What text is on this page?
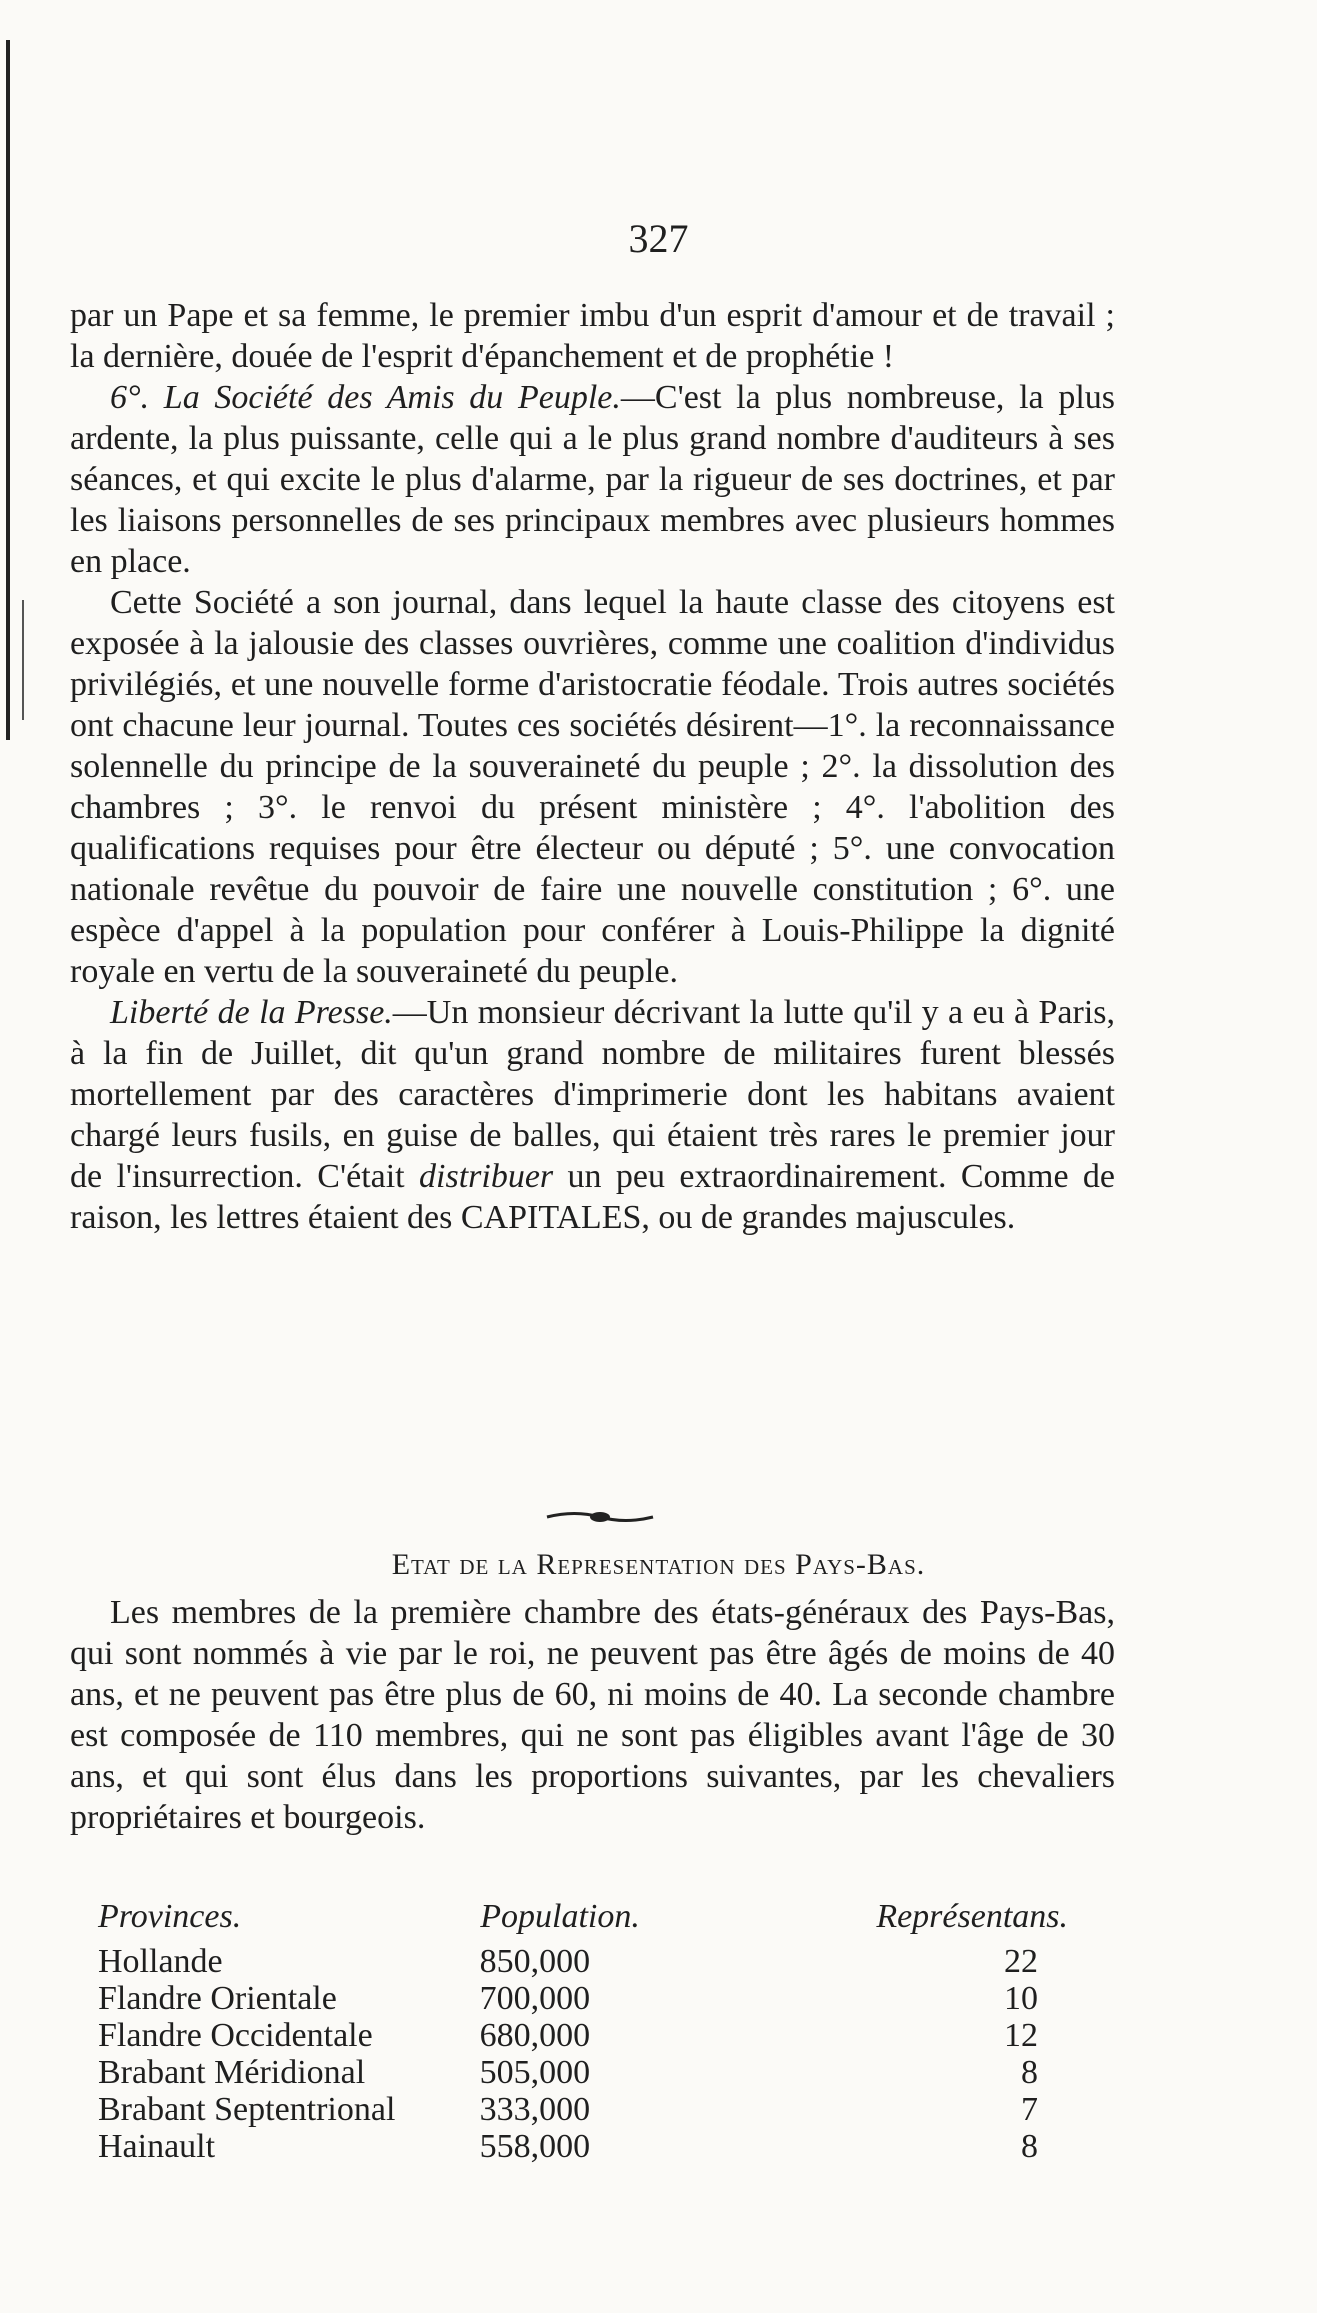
327

par un Pape et sa femme, le premier imbu d'un esprit d'amour et de travail ; la dernière, douée de l'esprit d'épanchement et de prophétie !

6°. La Société des Amis du Peuple.—C'est la plus nombreuse, la plus ardente, la plus puissante, celle qui a le plus grand nombre d'auditeurs à ses séances, et qui excite le plus d'alarme, par la rigueur de ses doctrines, et par les liaisons personnelles de ses principaux membres avec plusieurs hommes en place.

Cette Société a son journal, dans lequel la haute classe des citoyens est exposée à la jalousie des classes ouvrières, comme une coalition d'individus privilégiés, et une nouvelle forme d'aristocratie féodale. Trois autres sociétés ont chacune leur journal. Toutes ces sociétés désirent—1°. la reconnaissance solennelle du principe de la souveraineté du peuple ; 2°. la dissolution des chambres ; 3°. le renvoi du présent ministère ; 4°. l'abolition des qualifications requises pour être électeur ou député ; 5°. une convocation nationale revêtue du pouvoir de faire une nouvelle constitution ; 6°. une espèce d'appel à la population pour conférer à Louis-Philippe la dignité royale en vertu de la souveraineté du peuple.

Liberté de la Presse.—Un monsieur décrivant la lutte qu'il y a eu à Paris, à la fin de Juillet, dit qu'un grand nombre de militaires furent blessés mortellement par des caractères d'imprimerie dont les habitans avaient chargé leurs fusils, en guise de balles, qui étaient très rares le premier jour de l'insurrection. C'était distribuer un peu extraordinairement. Comme de raison, les lettres étaient des CAPITALES, ou de grandes majuscules.

Etat de la Representation des Pays-Bas.

Les membres de la première chambre des états-généraux des Pays-Bas, qui sont nommés à vie par le roi, ne peuvent pas être âgés de moins de 40 ans, et ne peuvent pas être plus de 60, ni moins de 40. La seconde chambre est composée de 110 membres, qui ne sont pas éligibles avant l'âge de 30 ans, et qui sont élus dans les proportions suivantes, par les chevaliers propriétaires et bourgeois.

Provinces.	Population.	Représentans.
Hollande	850,000	22
Flandre Orientale	700,000	10
Flandre Occidentale	680,000	12
Brabant Méridional	505,000	8
Brabant Septentrional	333,000	7
Hainault	558,000	8
